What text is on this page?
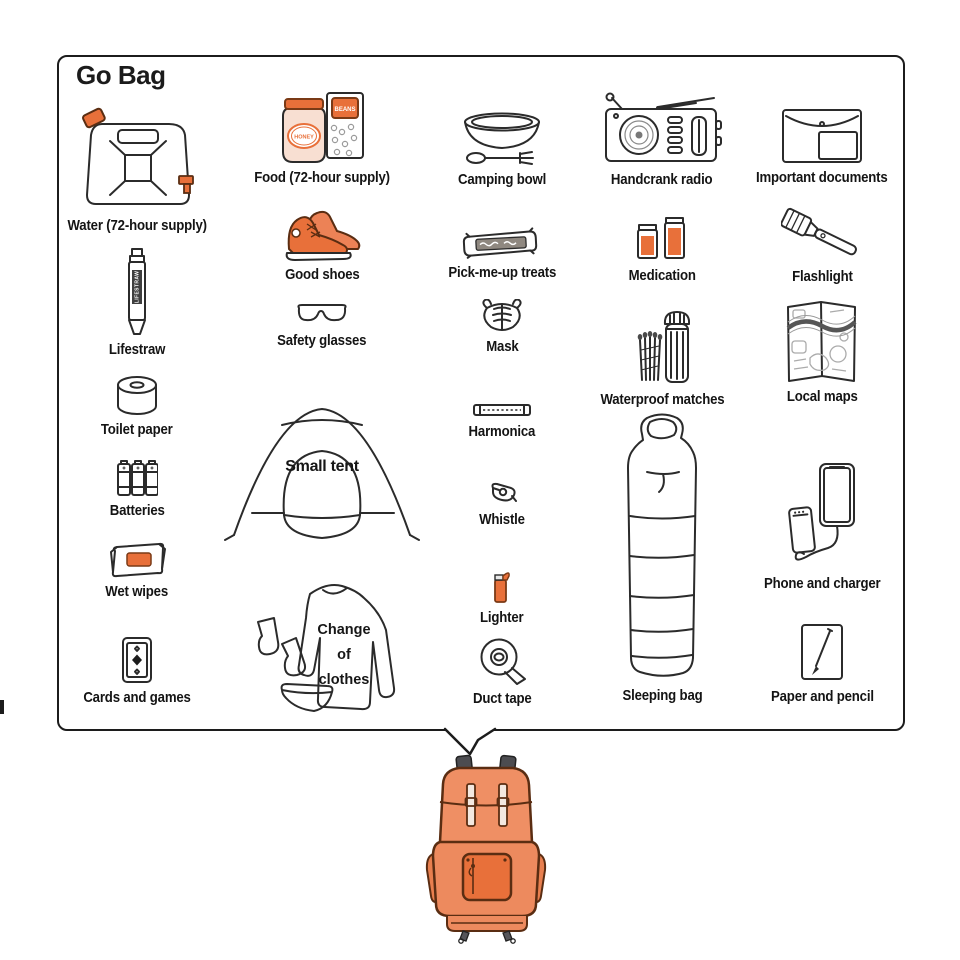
Go Bag
Water (72-hour supply)
LIFESTRAW
Lifestraw
Toilet paper
Batteries
Wet wipes
Cards and games
BEANS
HONEY
Food (72-hour supply)
Good shoes
Safety glasses
Small tent
Change
of
clothes
Camping bowl
Pick-me-up treats
Mask
Harmonica
Whistle
Lighter
Duct tape
Handcrank radio
Medication
Waterproof matches
Sleeping bag
Important documents
Flashlight
Local maps
Phone and charger
Paper and pencil
